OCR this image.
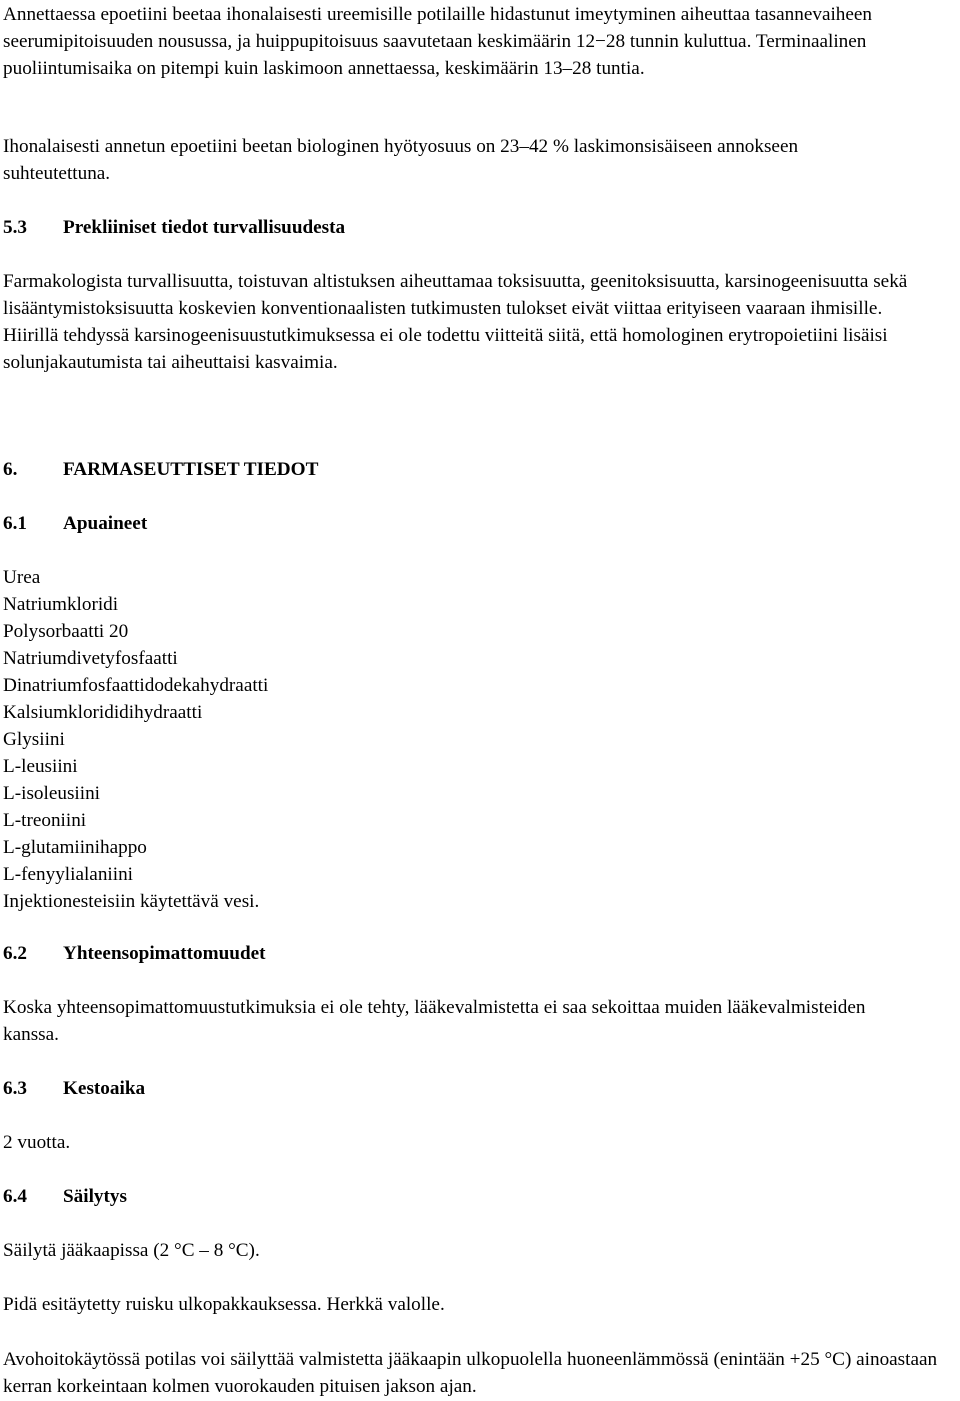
Annettaessa epoetiini beetaa ihonalaisesti ureemisille potilaille hidastunut imeytyminen aiheuttaa tasannevaiheen seerumipitoisuuden nousussa, ja huippupitoisuus saavutetaan keskimäärin 12−28 tunnin kuluttua. Terminaalinen puoliintumisaika on pitempi kuin laskimoon annettaessa, keskimäärin 13–28 tuntia.

Ihonalaisesti annetun epoetiini beetan biologinen hyötyosuus on 23–42 % laskimonsisäiseen annokseen suhteutettuna.

5.3 Prekliiniset tiedot turvallisuudesta

Farmakologista turvallisuutta, toistuvan altistuksen aiheuttamaa toksisuutta, geenitoksisuutta, karsinogeenisuutta sekä lisääntymistoksisuutta koskevien konventionaalisten tutkimusten tulokset eivät viittaa erityiseen vaaraan ihmisille. Hiirillä tehdyssä karsinogeenisuustutkimuksessa ei ole todettu viitteitä siitä, että homologinen erytropoietiini lisäisi solunjakautumista tai aiheuttaisi kasvaimia.

6. FARMASEUTTISET TIEDOT
6.1 Apuaineet

Urea

Natriumkloridi

Polysorbaatti 20

Natriumdivetyfosfaatti

Dinatriumfosfaattidodekahydraatti

Kalsiumklorididihydraatti

Glysiini

L-leusiini

L-isoleusiini

L-treoniini

L-glutamiinihappo

L-fenyylialaniini

Injektionesteisiin käytettävä vesi.

6.2 Yhteensopimattomuudet

Koska yhteensopimattomuustutkimuksia ei ole tehty, lääkevalmistetta ei saa sekoittaa muiden lääkevalmisteiden kanssa.

6.3 Kestoaika

2 vuotta.

6.4 Säilytys

Säilytä jääkaapissa (2 °C – 8 °C).

Pidä esitäytetty ruisku ulkopakkauksessa. Herkkä valolle.

Avohoitokäytössä potilas voi säilyttää valmistetta jääkaapin ulkopuolella huoneenlämmössä (enintään +25 °C) ainoastaan kerran korkeintaan kolmen vuorokauden pituisen jakson ajan.
